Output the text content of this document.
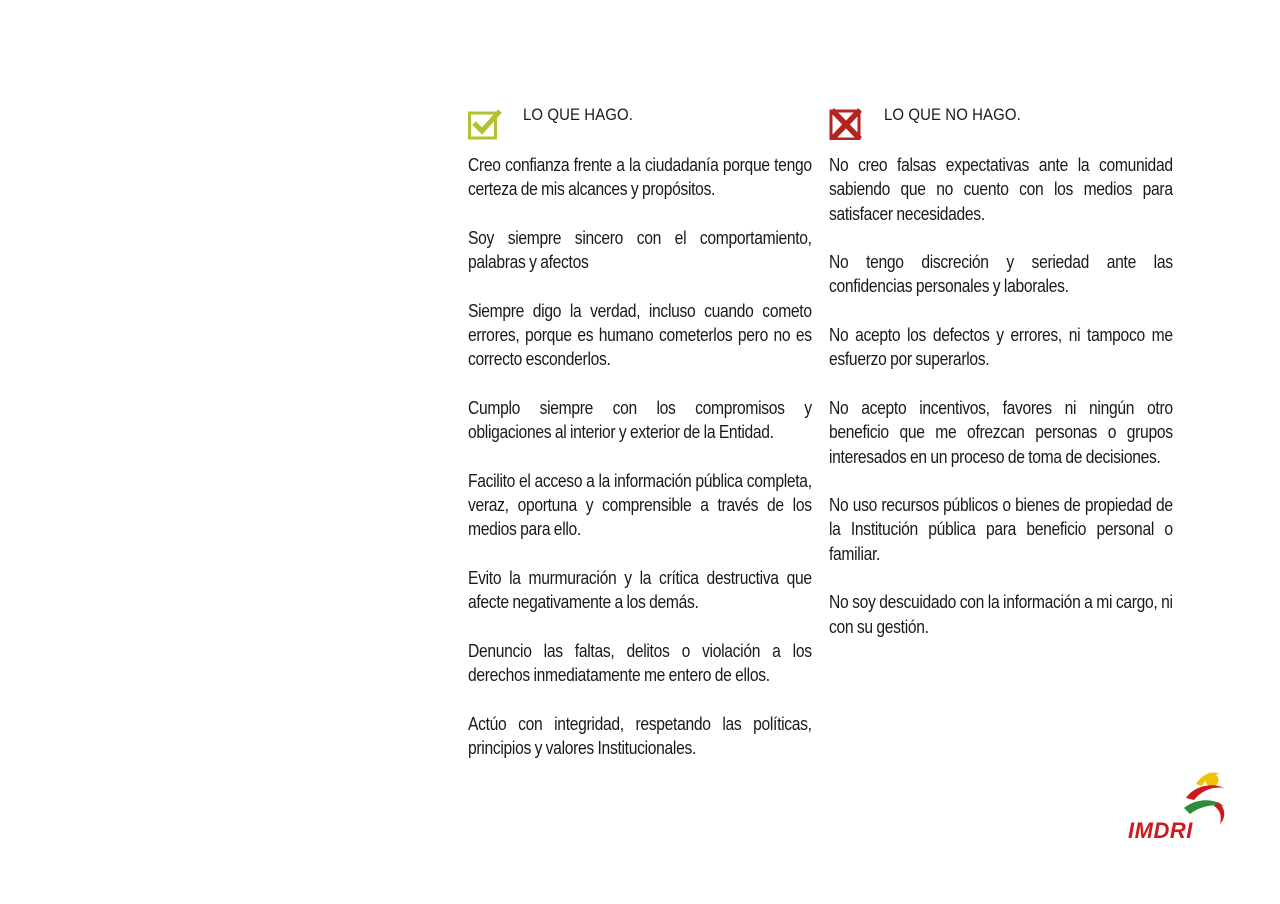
LO QUE HAGO.

Creo confianza frente a la ciudadanía porque tengo certeza de mis alcances y propósitos.

Soy siempre sincero con el comportamiento, palabras y afectos

Siempre digo la verdad, incluso cuando cometo errores, porque es humano cometerlos pero no es correcto esconderlos.

Cumplo siempre con los compromisos y obligaciones al interior y exterior de la Entidad.

Facilito el acceso a la información pública completa, veraz, oportuna y comprensible a través de los medios para ello.

Evito la murmuración y la crítica destructiva que afecte negativamente a los demás.

Denuncio las faltas, delitos o violación a los derechos inmediatamente me entero de ellos.

Actúo con integridad, respetando las políticas, principios y valores Institucionales.

LO QUE NO HAGO.

No creo falsas expectativas ante la comunidad sabiendo que no cuento con los medios para satisfacer necesidades.

No tengo discreción y seriedad ante las confidencias personales y laborales.

No acepto los defectos y errores, ni tampoco me esfuerzo por superarlos.

No acepto incentivos, favores ni ningún otro beneficio que me ofrezcan personas o grupos interesados en un proceso de toma de decisiones.

No uso recursos públicos o bienes de propiedad de la Institución pública para beneficio personal o familiar.

No soy descuidado con la información a mi cargo, ni con su gestión.

IMDRI
